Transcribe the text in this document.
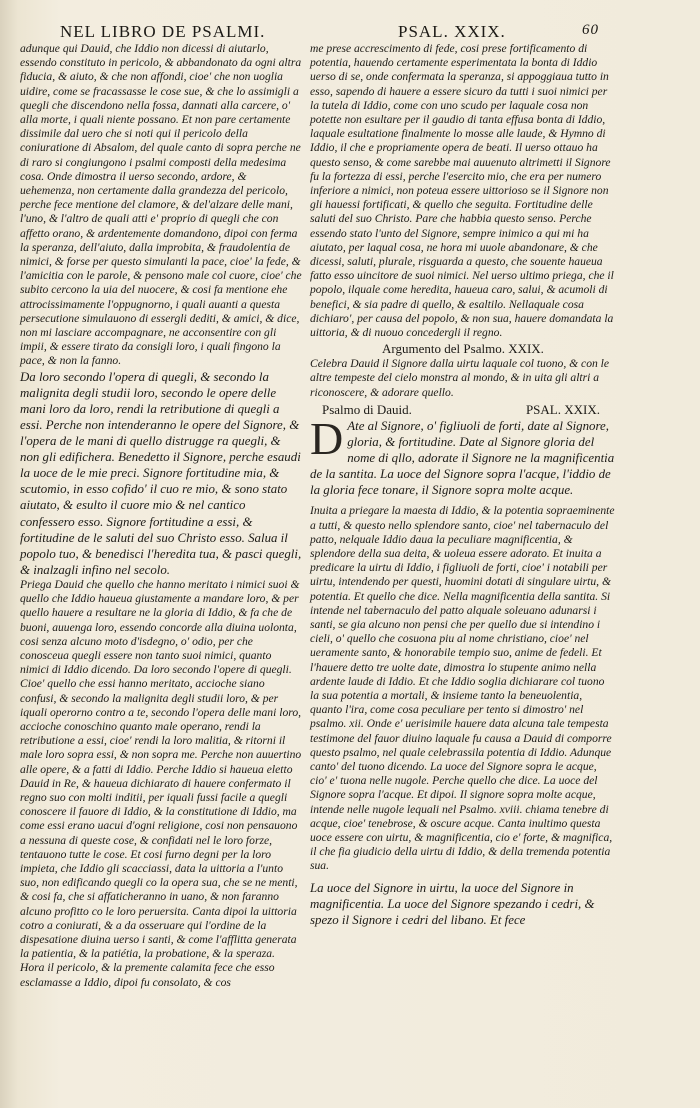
NEL LIBRO DE PSALMI.	PSAL. XXIX.	60

adunque qui Dauid, che Iddio non dicessi di aiutarlo, essendo constituto in pericolo, & abbandonato da ogni altra fiducia, & aiuto, & che non affondi, cioe' che non uoglia uidire, come se fracassasse le cose sue, & che lo assimigli a quegli che discendono nella fossa, dannati alla carcere, o' alla morte, i quali niente possano. Et non pare certamente dissimile dal uero che si noti qui il pericolo della coniuratione di Absalom, del quale canto di sopra perche ne di raro si congiungono i psalmi composti della medesima cosa. Onde dimostra il uerso secondo, ardore, & uehemenza, non certamente dalla grandezza del pericolo, perche fece mentione del clamore, & del'alzare delle mani, l'uno, & l'altro de quali atti e' proprio di quegli che con affetto orano, & ardentemente domandono, dipoi con ferma la speranza, dell'aiuto, dalla improbita, & fraudolentia de nimici, & forse per questo simulanti la pace, cioe' la fede, & l'amicitia con le parole, & pensono male col cuore, cioe' che subito cercono la uia del nuocere, & cosi fa mentione ehe attrocissimamente l'oppugnorno, i quali auanti a questa persecutione simulauono di essergli dediti, & amici, & dice, non mi lasciare accompagnare, ne acconsentire con gli impii, & essere tirato da consigli loro, i quali fingono la pace, & non la fanno.

Da loro secondo l'opera di quegli, & secondo la malignita degli studii loro, secondo le opere delle mani loro da loro, rendi la retributione di quegli a essi. Perche non intenderanno le opere del Signore, & l'opera de le mani di quello distrugge ra quegli, & non gli edifichera. Benedetto il Signore, perche esaudi la uoce de le mie preci. Signore fortitudine mia, & scutomio, in esso cofido' il cuo re mio, & sono stato aiutato, & esulto il cuore mio & nel cantico confessero esso. Signore fortitudine a essi, & fortitudine de le saluti del suo Christo esso. Salua il popolo tuo, & benedisci l'heredita tua, & pasci quegli, & inalzagli infino nel secolo.

Priega Dauid che quello che hanno meritato i nimici suoi & quello che Iddio haueua giustamente a mandare loro, & per quello hauere a resultare ne la gloria di Iddio, & fa che de buoni, auuenga loro, essendo concorde alla diuina uolonta, cosi senza alcuno moto d'isdegno, o' odio, per che conosceua quegli essere non tanto suoi nimici, quanto nimici di Iddio dicendo. Da loro secondo l'opere di quegli. Cioe' quello che essi hanno meritato, accioche siano confusi, & secondo la malignita degli studii loro, & per iquali operorno contro a te, secondo l'opera delle mani loro, accioche conoschino quanto male operano, rendi la retributione a essi, cioe' rendi la loro malitia, & ritorni il male loro sopra essi, & non sopra me. Perche non auuertino alle opere, & a fatti di Iddio. Perche Iddio si haueua eletto Dauid in Re, & haueua dichiarato di hauere confermato il regno suo con molti inditii, per iquali fussi facile a quegli conoscere il fauore di Iddio, & la constitutione di Iddio, ma come essi erano uacui d'ogni religione, cosi non pensauono a nessuna di queste cose, & confidati nel le loro forze, tentauono tutte le cose. Et cosi furno degni per la loro impieta, che Iddio gli scacciassi, data la uittoria a l'unto suo, non edificando quegli co la opera sua, che se ne menti, & cosi fa, che si affaticheranno in uano, & non faranno alcuno profitto co le loro peruersita. Canta dipoi la uittoria cotro a coniurati, & a da osseruare qui l'ordine de la dispesatione diuina uerso i santi, & come l'afflitta generata la patientia, & la patiétia, la probatione, & la speraza. Hora il pericolo, & la premente calamita fece che esso esclamasse a Iddio, dipoi fu consolato, & cos

me prese accrescimento di fede, cosi prese fortificamento di potentia, hauendo certamente esperimentata la bonta di Iddio uerso di se, onde confermata la speranza, si appoggiaua tutto in esso, sapendo di hauere a essere sicuro da tutti i suoi nimici per la tutela di Iddio, come con uno scudo per laquale cosa non potette non esultare per il gaudio di tanta effusa bonta di Iddio, laquale esultatione finalmente lo mosse alle laude, & Hymno di Iddio, il che e propriamente opera de beati. Il uerso ottauo ha questo senso, & come sarebbe mai auuenuto altrimetti il Signore fu la fortezza di essi, perche l'esercito mio, che era per numero inferiore a nimici, non poteua essere uittorioso se il Signore non gli hauessi fortificati, & quello che seguita. Fortitudine delle saluti del suo Christo. Pare che habbia questo senso. Perche essendo stato l'unto del Signore, sempre inimico a qui mi ha aiutato, per laqual cosa, ne hora mi uuole abandonare, & che dicessi, saluti, plurale, risguarda a questo, che souente haueua fatto esso uincitore de suoi nimici. Nel uerso ultimo priega, che il popolo, ilquale come heredita, haueua caro, salui, & acumoli di benefici, & sia padre di quello, & esaltilo. Nellaquale cosa dichiaro', per causa del popolo, & non sua, hauere domandata la uittoria, & di nuouo concedergli il regno.

Argumento del Psalmo. XXIX.

Celebra Dauid il Signore dalla uirtu laquale col tuono, & con le altre tempeste del cielo monstra al mondo, & in uita gli altri a riconoscere, & adorare quello.

Psalmo di Dauid.	PSAL. XXIX.

D Ate al Signore, o' figliuoli de forti, date al Signore, gloria, & fortitudine. Date al Signore gloria del nome di qllo, adorate il Signore ne la magnificentia de la santita. La uoce del Signore sopra l'acque, l'iddio de la gloria fece tonare, il Signore sopra molte acque.

Inuita a priegare la maesta di Iddio, & la potentia sopraeminente a tutti, & questo nello splendore santo, cioe' nel tabernaculo del patto, nelquale Iddio daua la peculiare magnificentia, & splendore della sua deita, & uoleua essere adorato. Et inuita a predicare la uirtu di Iddio, i figliuoli de forti, cioe' i notabili per uirtu, intendendo per questi, huomini dotati di singulare uirtu, & potentia. Et quello che dice. Nella magnificentia della santita. Si intende nel tabernaculo del patto alquale soleuano adunarsi i santi, se gia alcuno non pensi che per quello due si intendino i cieli, o' quello che cosuona piu al nome christiano, cioe' nel ueramente santo, & honorabile tempio suo, anime de fedeli. Et l'hauere detto tre uolte date, dimostra lo stupente animo nella ardente laude di Iddio. Et che Iddio soglia dichiarare col tuono la sua potentia a mortali, & insieme tanto la beneuolentia, quanto l'ira, come cosa peculiare per tento si dimostro' nel psalmo. xii. Onde e' uerisimile hauere data alcuna tale tempesta testimone del fauor diuino laquale fu causa a Dauid di comporre questo psalmo, nel quale celebrassila potentia di Iddio. Adunque canto' del tuono dicendo. La uoce del Signore sopra le acque, cio' e' tuona nelle nugole. Perche quello che dice. La uoce del Signore sopra l'acque. Et dipoi. Il signore sopra molte acque, intende nelle nugole lequali nel Psalmo. xviii. chiama tenebre di acque, cioe' tenebrose, & oscure acque. Canta inultimo questa uoce essere con uirtu, & magnificentia, cio e' forte, & magnifica, il che fia giudicio della uirtu di Iddio, & della tremenda potentia sua.

La uoce del Signore in uirtu, la uoce del Signore in magnificentia. La uoce del Signore spezando i cedri, & spezo il Signore i cedri del libano. Et fece
